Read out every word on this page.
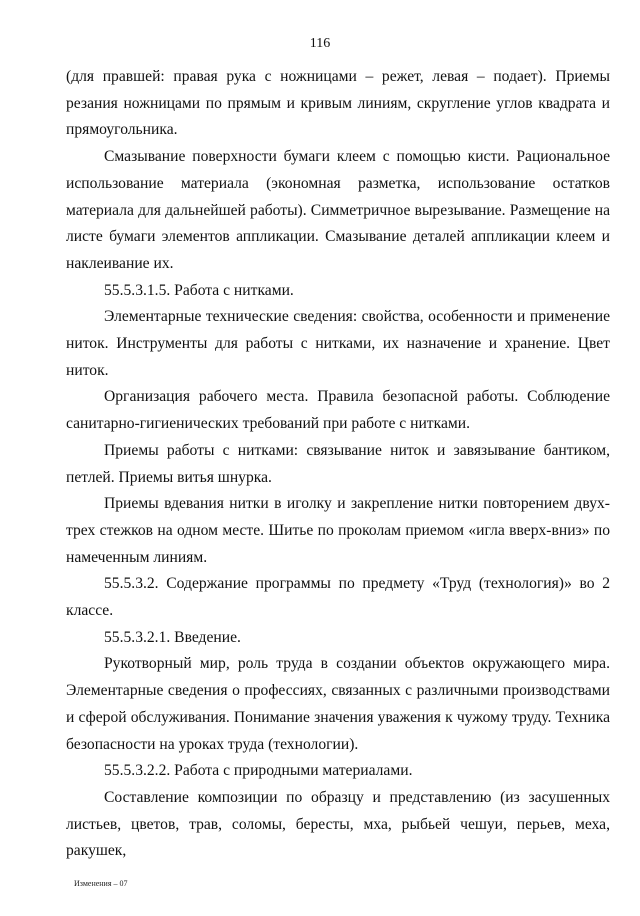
116

(для правшей: правая рука с ножницами – режет, левая – подает). Приемы резания ножницами по прямым и кривым линиям, скругление углов квадрата и прямоугольника.

Смазывание поверхности бумаги клеем с помощью кисти. Рациональное использование материала (экономная разметка, использование остатков материала для дальнейшей работы). Симметричное вырезывание. Размещение на листе бумаги элементов аппликации. Смазывание деталей аппликации клеем и наклеивание их.

55.5.3.1.5. Работа с нитками.

Элементарные технические сведения: свойства, особенности и применение ниток. Инструменты для работы с нитками, их назначение и хранение. Цвет ниток.

Организация рабочего места. Правила безопасной работы. Соблюдение санитарно-гигиенических требований при работе с нитками.

Приемы работы с нитками: связывание ниток и завязывание бантиком, петлей. Приемы витья шнурка.

Приемы вдевания нитки в иголку и закрепление нитки повторением двух-трех стежков на одном месте. Шитье по проколам приемом «игла вверх-вниз» по намеченным линиям.

55.5.3.2. Содержание программы по предмету «Труд (технология)» во 2 классе.

55.5.3.2.1. Введение.

Рукотворный мир, роль труда в создании объектов окружающего мира. Элементарные сведения о профессиях, связанных с различными производствами и сферой обслуживания. Понимание значения уважения к чужому труду. Техника безопасности на уроках труда (технологии).

55.5.3.2.2. Работа с природными материалами.

Составление композиции по образцу и представлению (из засушенных листьев, цветов, трав, соломы, бересты, мха, рыбьей чешуи, перьев, меха, ракушек,

Изменения – 07
